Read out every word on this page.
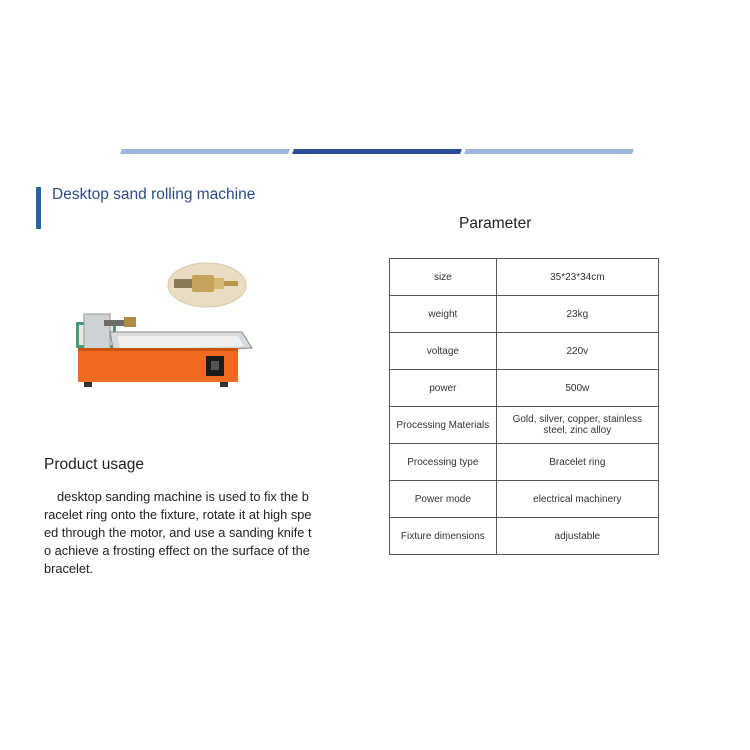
Desktop sand rolling machine
Parameter
Product usage
desktop sanding machine is used to fix the bracelet ring onto the fixture, rotate it at high speed through the motor, and use a sanding knife to achieve a frosting effect on the surface of the bracelet.
size	35*23*34cm
weight	23kg
voltage	220v
power	500w
Processing Materials	Gold, silver, copper, stainless steel, zinc alloy
Processing type	Bracelet ring
Power mode	electrical machinery
Fixture dimensions	adjustable
